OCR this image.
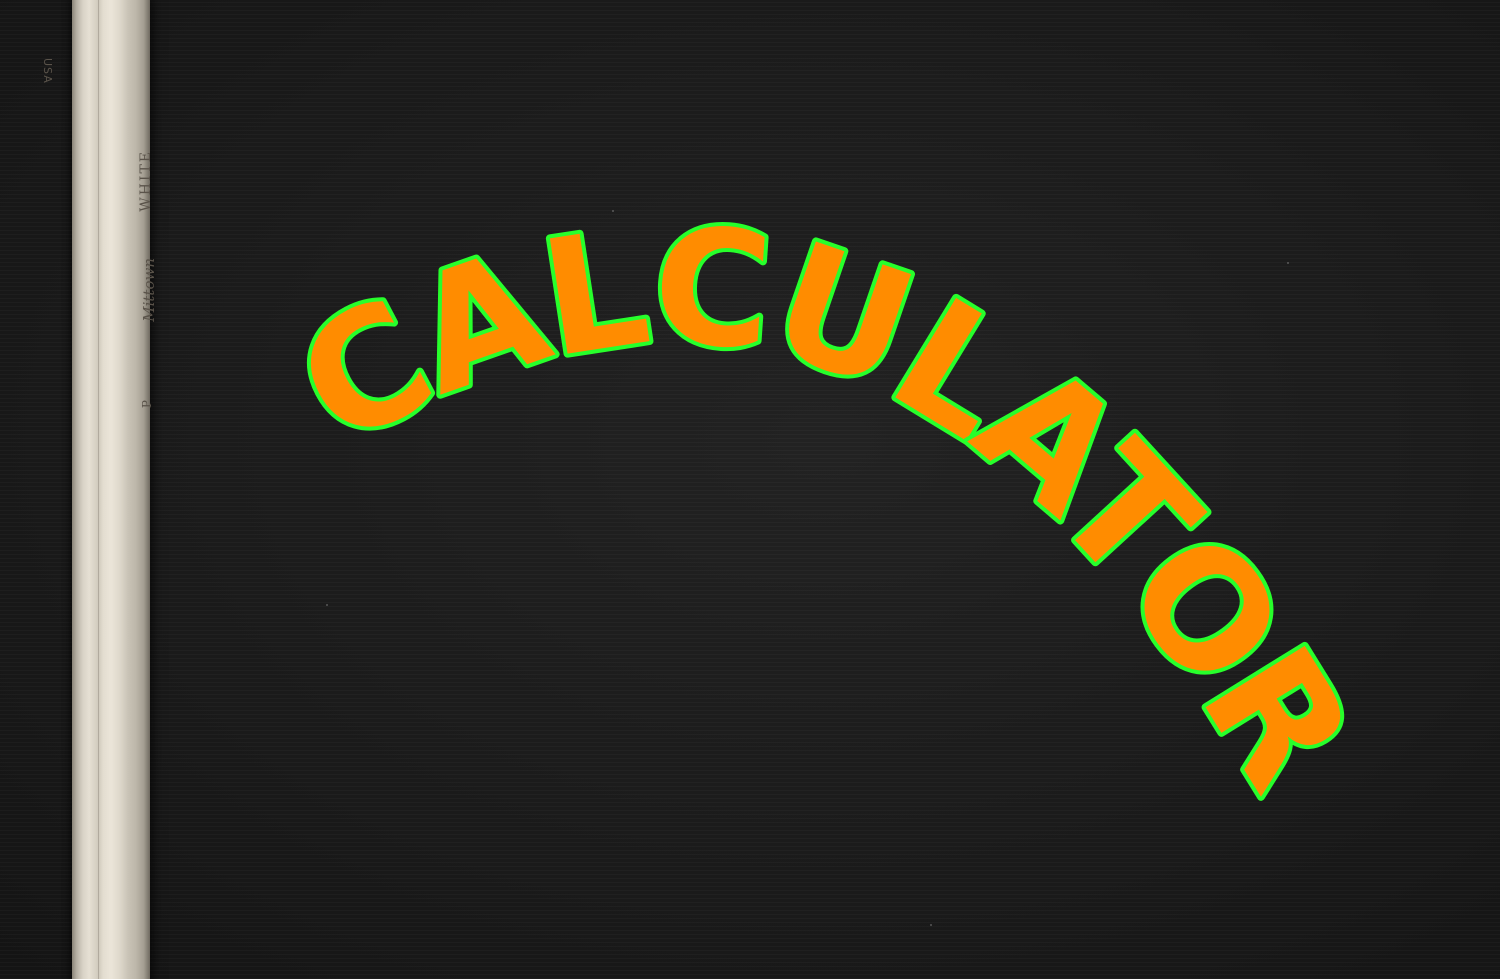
USA
WHITE
Mittown
P CALCULATOR
